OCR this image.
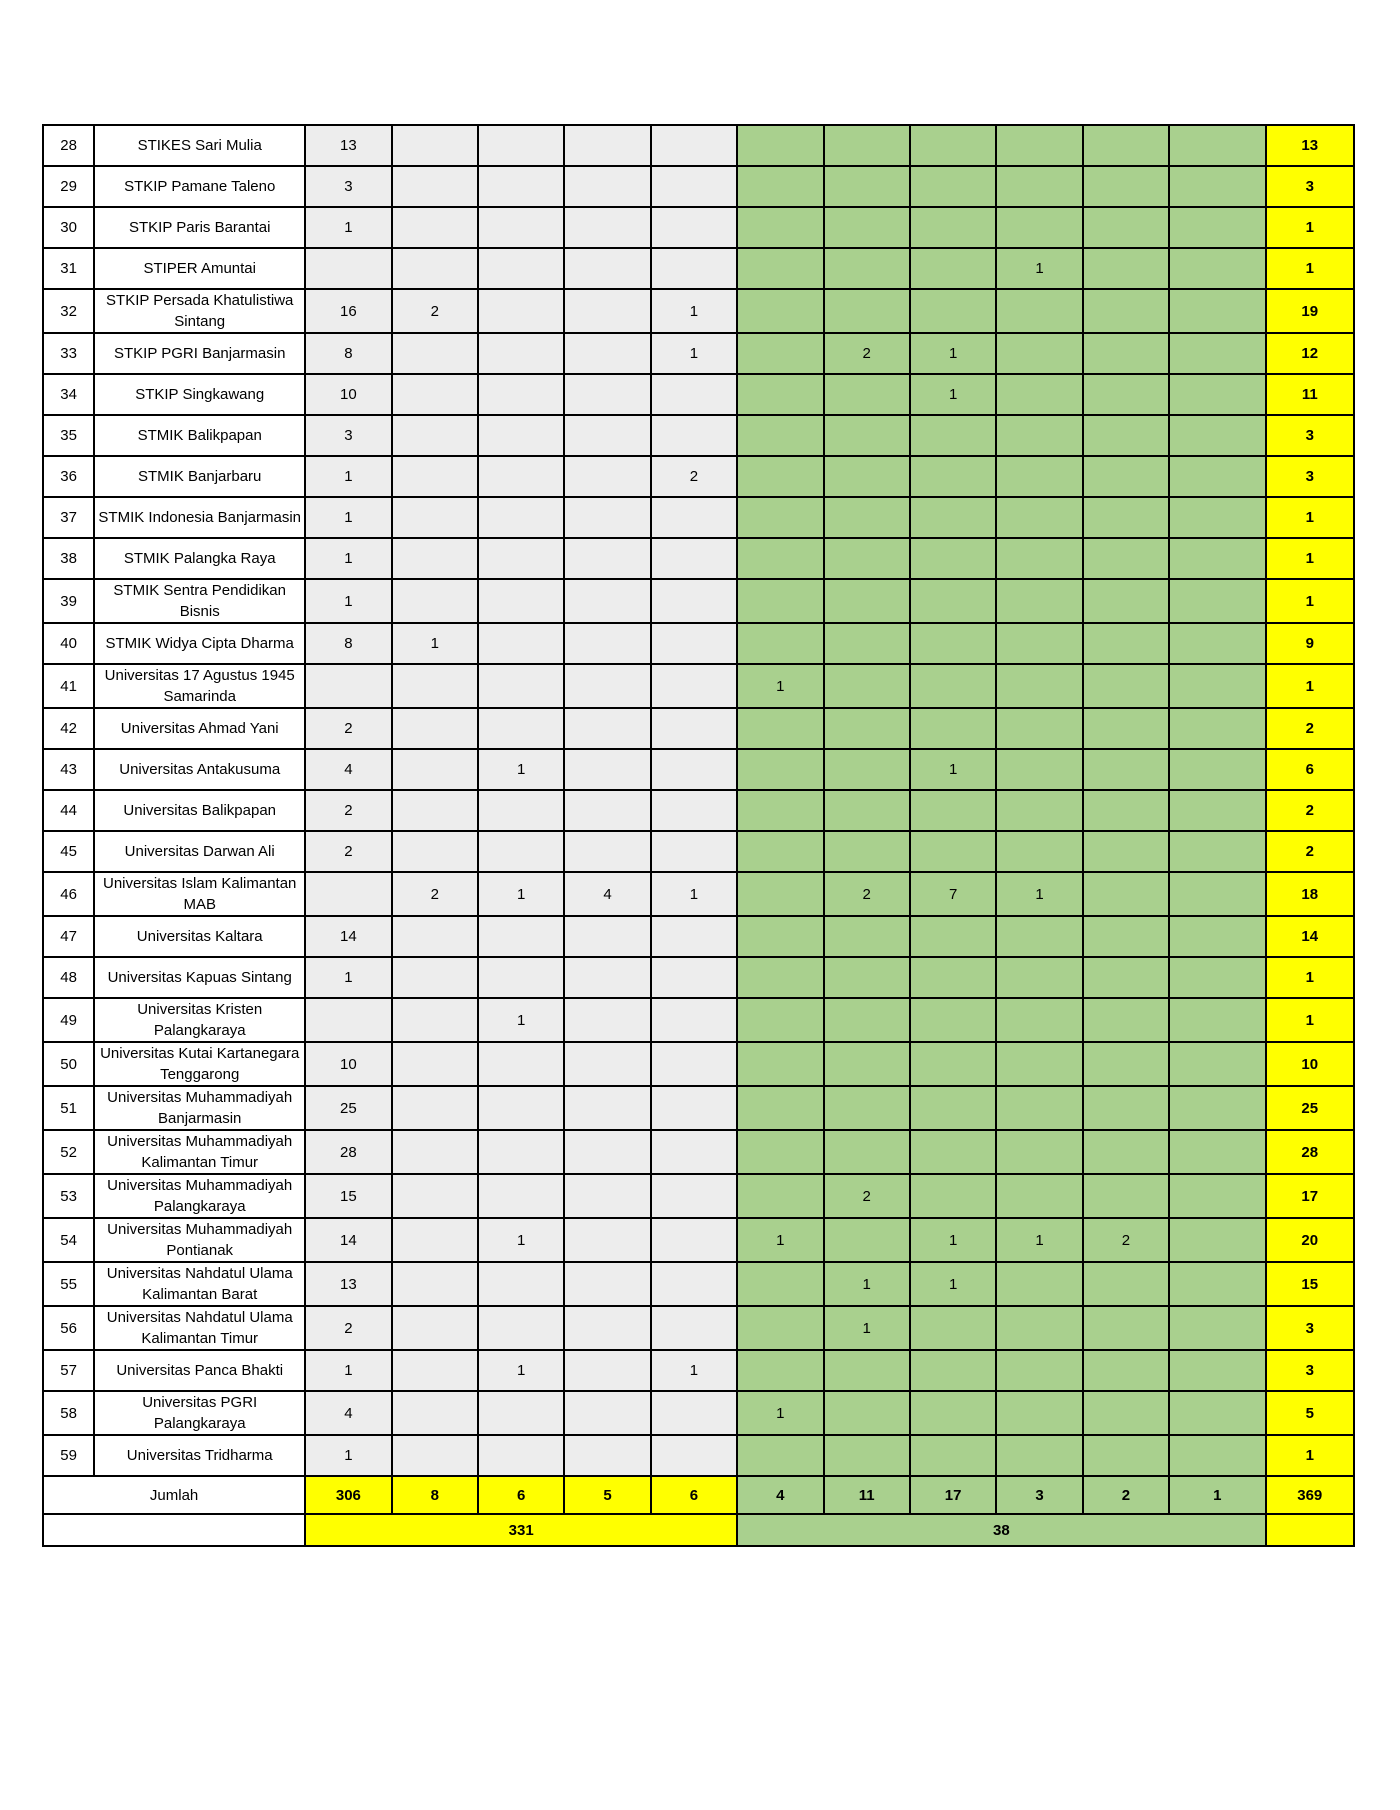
28	STIKES Sari Mulia	13											13
29	STKIP Pamane Taleno	3											3
30	STKIP Paris Barantai	1											1
31	STIPER Amuntai									1			1
32	STKIP Persada Khatulistiwa Sintang	16	2			1							19
33	STKIP PGRI Banjarmasin	8				1		2	1				12
34	STKIP Singkawang	10							1				11
35	STMIK Balikpapan	3											3
36	STMIK Banjarbaru	1				2							3
37	STMIK Indonesia Banjarmasin	1											1
38	STMIK Palangka Raya	1											1
39	STMIK Sentra Pendidikan Bisnis	1											1
40	STMIK Widya Cipta Dharma	8	1										9
41	Universitas 17 Agustus 1945 Samarinda						1						1
42	Universitas Ahmad Yani	2											2
43	Universitas Antakusuma	4		1					1				6
44	Universitas Balikpapan	2											2
45	Universitas Darwan Ali	2											2
46	Universitas Islam Kalimantan MAB		2	1	4	1		2	7	1			18
47	Universitas Kaltara	14											14
48	Universitas Kapuas Sintang	1											1
49	Universitas Kristen Palangkaraya			1									1
50	Universitas Kutai Kartanegara Tenggarong	10											10
51	Universitas Muhammadiyah Banjarmasin	25											25
52	Universitas Muhammadiyah Kalimantan Timur	28											28
53	Universitas Muhammadiyah Palangkaraya	15						2					17
54	Universitas Muhammadiyah Pontianak	14		1			1		1	1	2		20
55	Universitas Nahdatul Ulama Kalimantan Barat	13						1	1				15
56	Universitas Nahdatul Ulama Kalimantan Timur	2						1					3
57	Universitas Panca Bhakti	1		1		1							3
58	Universitas PGRI Palangkaraya	4					1						5
59	Universitas Tridharma	1											1
Jumlah		306	8	6	5	6	4	11	17	3	2	1	369
		331					38						
